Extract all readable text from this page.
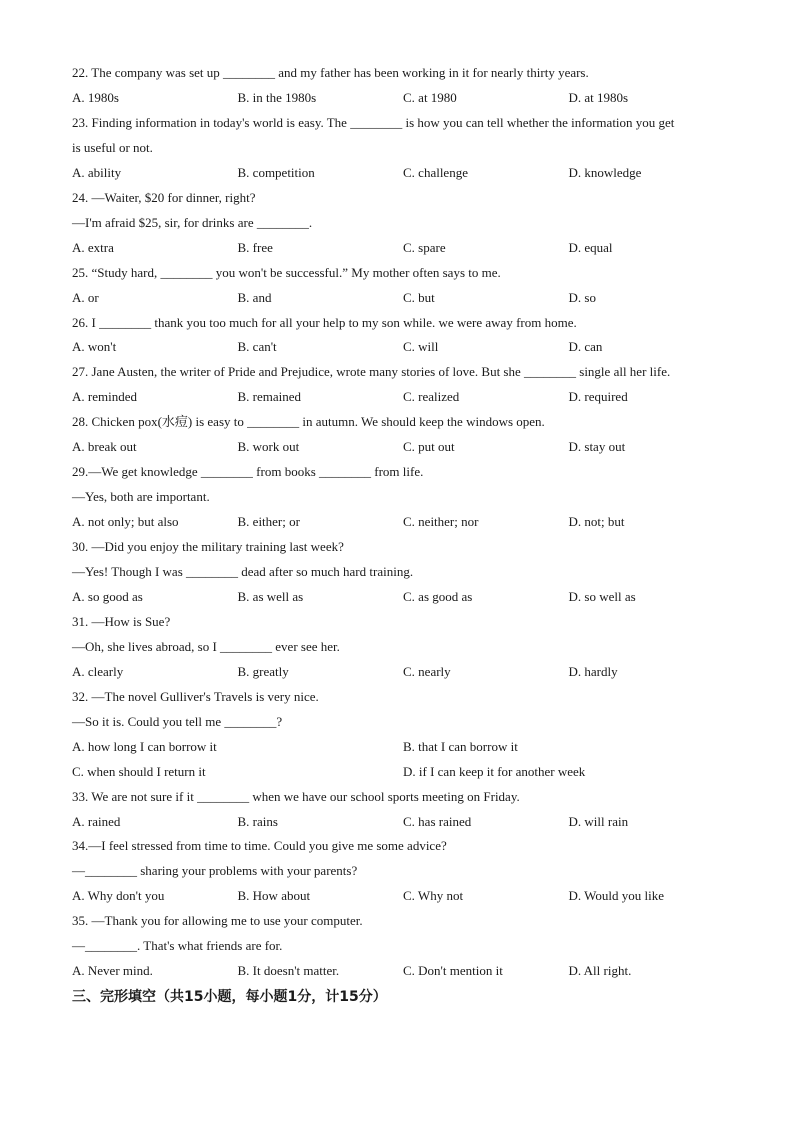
22. The company was set up ________ and my father has been working in it for nearly thirty years.
A. 1980s	B. in the 1980s	C. at 1980	D. at 1980s
23. Finding information in today's world is easy. The ________ is how you can tell whether the information you get
is useful or not.
A. ability	B. competition	C. challenge	D. knowledge
24. —Waiter, $20 for dinner, right?
—I'm afraid $25, sir, for drinks are ________.
A. extra	B. free	C. spare	D. equal
25. “Study hard, ________ you won't be successful.” My mother often says to me.
A. or	B. and	C. but	D. so
26. I ________ thank you too much for all your help to my son while. we were away from home.
A. won't	B. can't	C. will	D. can
27. Jane Austen, the writer of Pride and Prejudice, wrote many stories of love. But she ________ single all her life.
A. reminded	B. remained	C. realized	D. required
28. Chicken pox(水痘) is easy to ________ in autumn. We should keep the windows open.
A. break out	B. work out	C. put out	D. stay out
29.—We get knowledge ________ from books ________ from life.
—Yes, both are important.
A. not only; but also	B. either; or	C. neither; nor	D. not; but
30. —Did you enjoy the military training last week?
—Yes! Though I was ________ dead after so much hard training.
A. so good as	B. as well as	C. as good as	D. so well as
31. —How is Sue?
—Oh, she lives abroad, so I ________ ever see her.
A. clearly	B. greatly	C. nearly	D. hardly
32. —The novel Gulliver's Travels is very nice.
—So it is. Could you tell me ________?
A. how long I can borrow it	B. that I can borrow it
C. when should I return it	D. if I can keep it for another week
33. We are not sure if it ________ when we have our school sports meeting on Friday.
A. rained	B. rains	C. has rained	D. will rain
34.—I feel stressed from time to time. Could you give me some advice?
—________ sharing your problems with your parents?
A. Why don't you	B. How about	C. Why not	D. Would you like
35. —Thank you for allowing me to use your computer.
—________. That's what friends are for.
A. Never mind.	B. It doesn't matter.	C. Don't mention it	D. All right.
三、完形填空（共15小题，每小题1分，计15分）
